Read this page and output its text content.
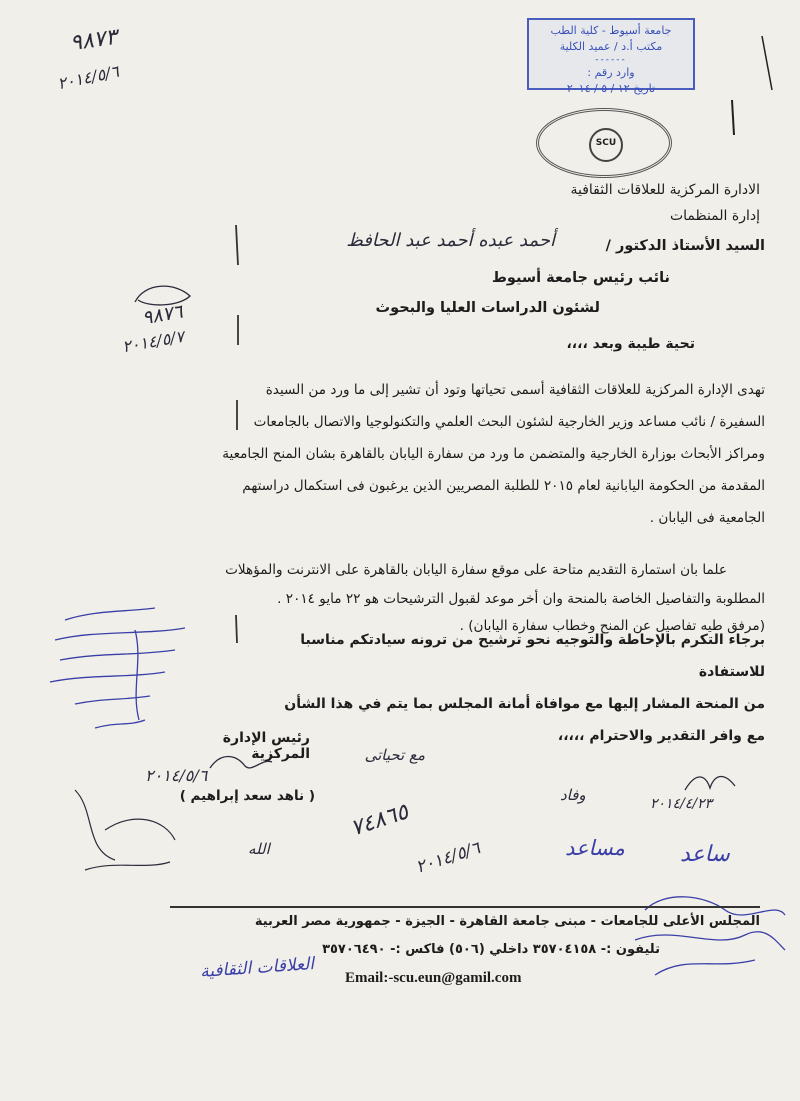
٩٨٧٣
٢٠١٤/٥/٦
جامعة أسيوط - كلية الطب
مكتب أ.د / عميد الكلية
------
وارد رقم :
تاريخ ١٢ / ٥ / ٢٠١٤
SCU
الادارة المركزية للعلاقات الثقافية
إدارة المنظمات
السيد الأستاذ الدكتور /
أحمد عبده أحمد عبد الحافظ
نائب رئيس جامعة أسيوط
لشئون الدراسات العليا والبحوث
٩٨٧٦
٢٠١٤/٥/٧	تحية طيبة وبعد ،،،،

تهدى الإدارة المركزية للعلاقات الثقافية أسمى تحياتها وتود أن تشير إلى ما ورد من السيدة

السفيرة / نائب مساعد وزير الخارجية لشئون البحث العلمي والتكنولوجيا والاتصال بالجامعات

ومراكز الأبحاث بوزارة الخارجية والمتضمن ما ورد من سفارة اليابان بالقاهرة بشان المنح الجامعية

المقدمة من الحكومة اليابانية لعام ٢٠١٥ للطلبة المصريين الذين يرغبون فى استكمال دراستهم

الجامعية فى اليابان .

علما بان استمارة التقديم متاحة على موقع سفارة اليابان بالقاهرة على الانترنت والمؤهلات

المطلوبة والتفاصيل الخاصة بالمنحة وان أخر موعد لقبول الترشيحات هو ٢٢ مايو ٢٠١٤ .

(مرفق طيه تفاصيل عن المنح وخطاب سفارة اليابان) .

برجاء التكرم بالإحاطة والتوجيه نحو ترشيح من ترونه سيادتكم مناسبا للاستفادة
من المنحة المشار إليها مع موافاة أمانة المجلس بما يتم في هذا الشأن
مع وافر التقدير والاحترام ،،،،،
رئيس الإدارة المركزية	مع تحياتى
٢٠١٤/٥/٦
( ناهد سعد إبراهيم )
٧٤٨٦٥
٢٠١٤/٥/٦
الله
وفاد	٢٠١٤/٤/٢٣
مساعد	ساعد
المجلس الأعلى للجامعات - مبنى جامعة القاهرة - الجيزة - جمهورية مصر العربية
تليفون :- ٣٥٧٠٤١٥٨ داخلي (٥٠٦) فاكس :- ٣٥٧٠٦٤٩٠
Email:-scu.eun@gamil.com
العلاقات الثقافية
